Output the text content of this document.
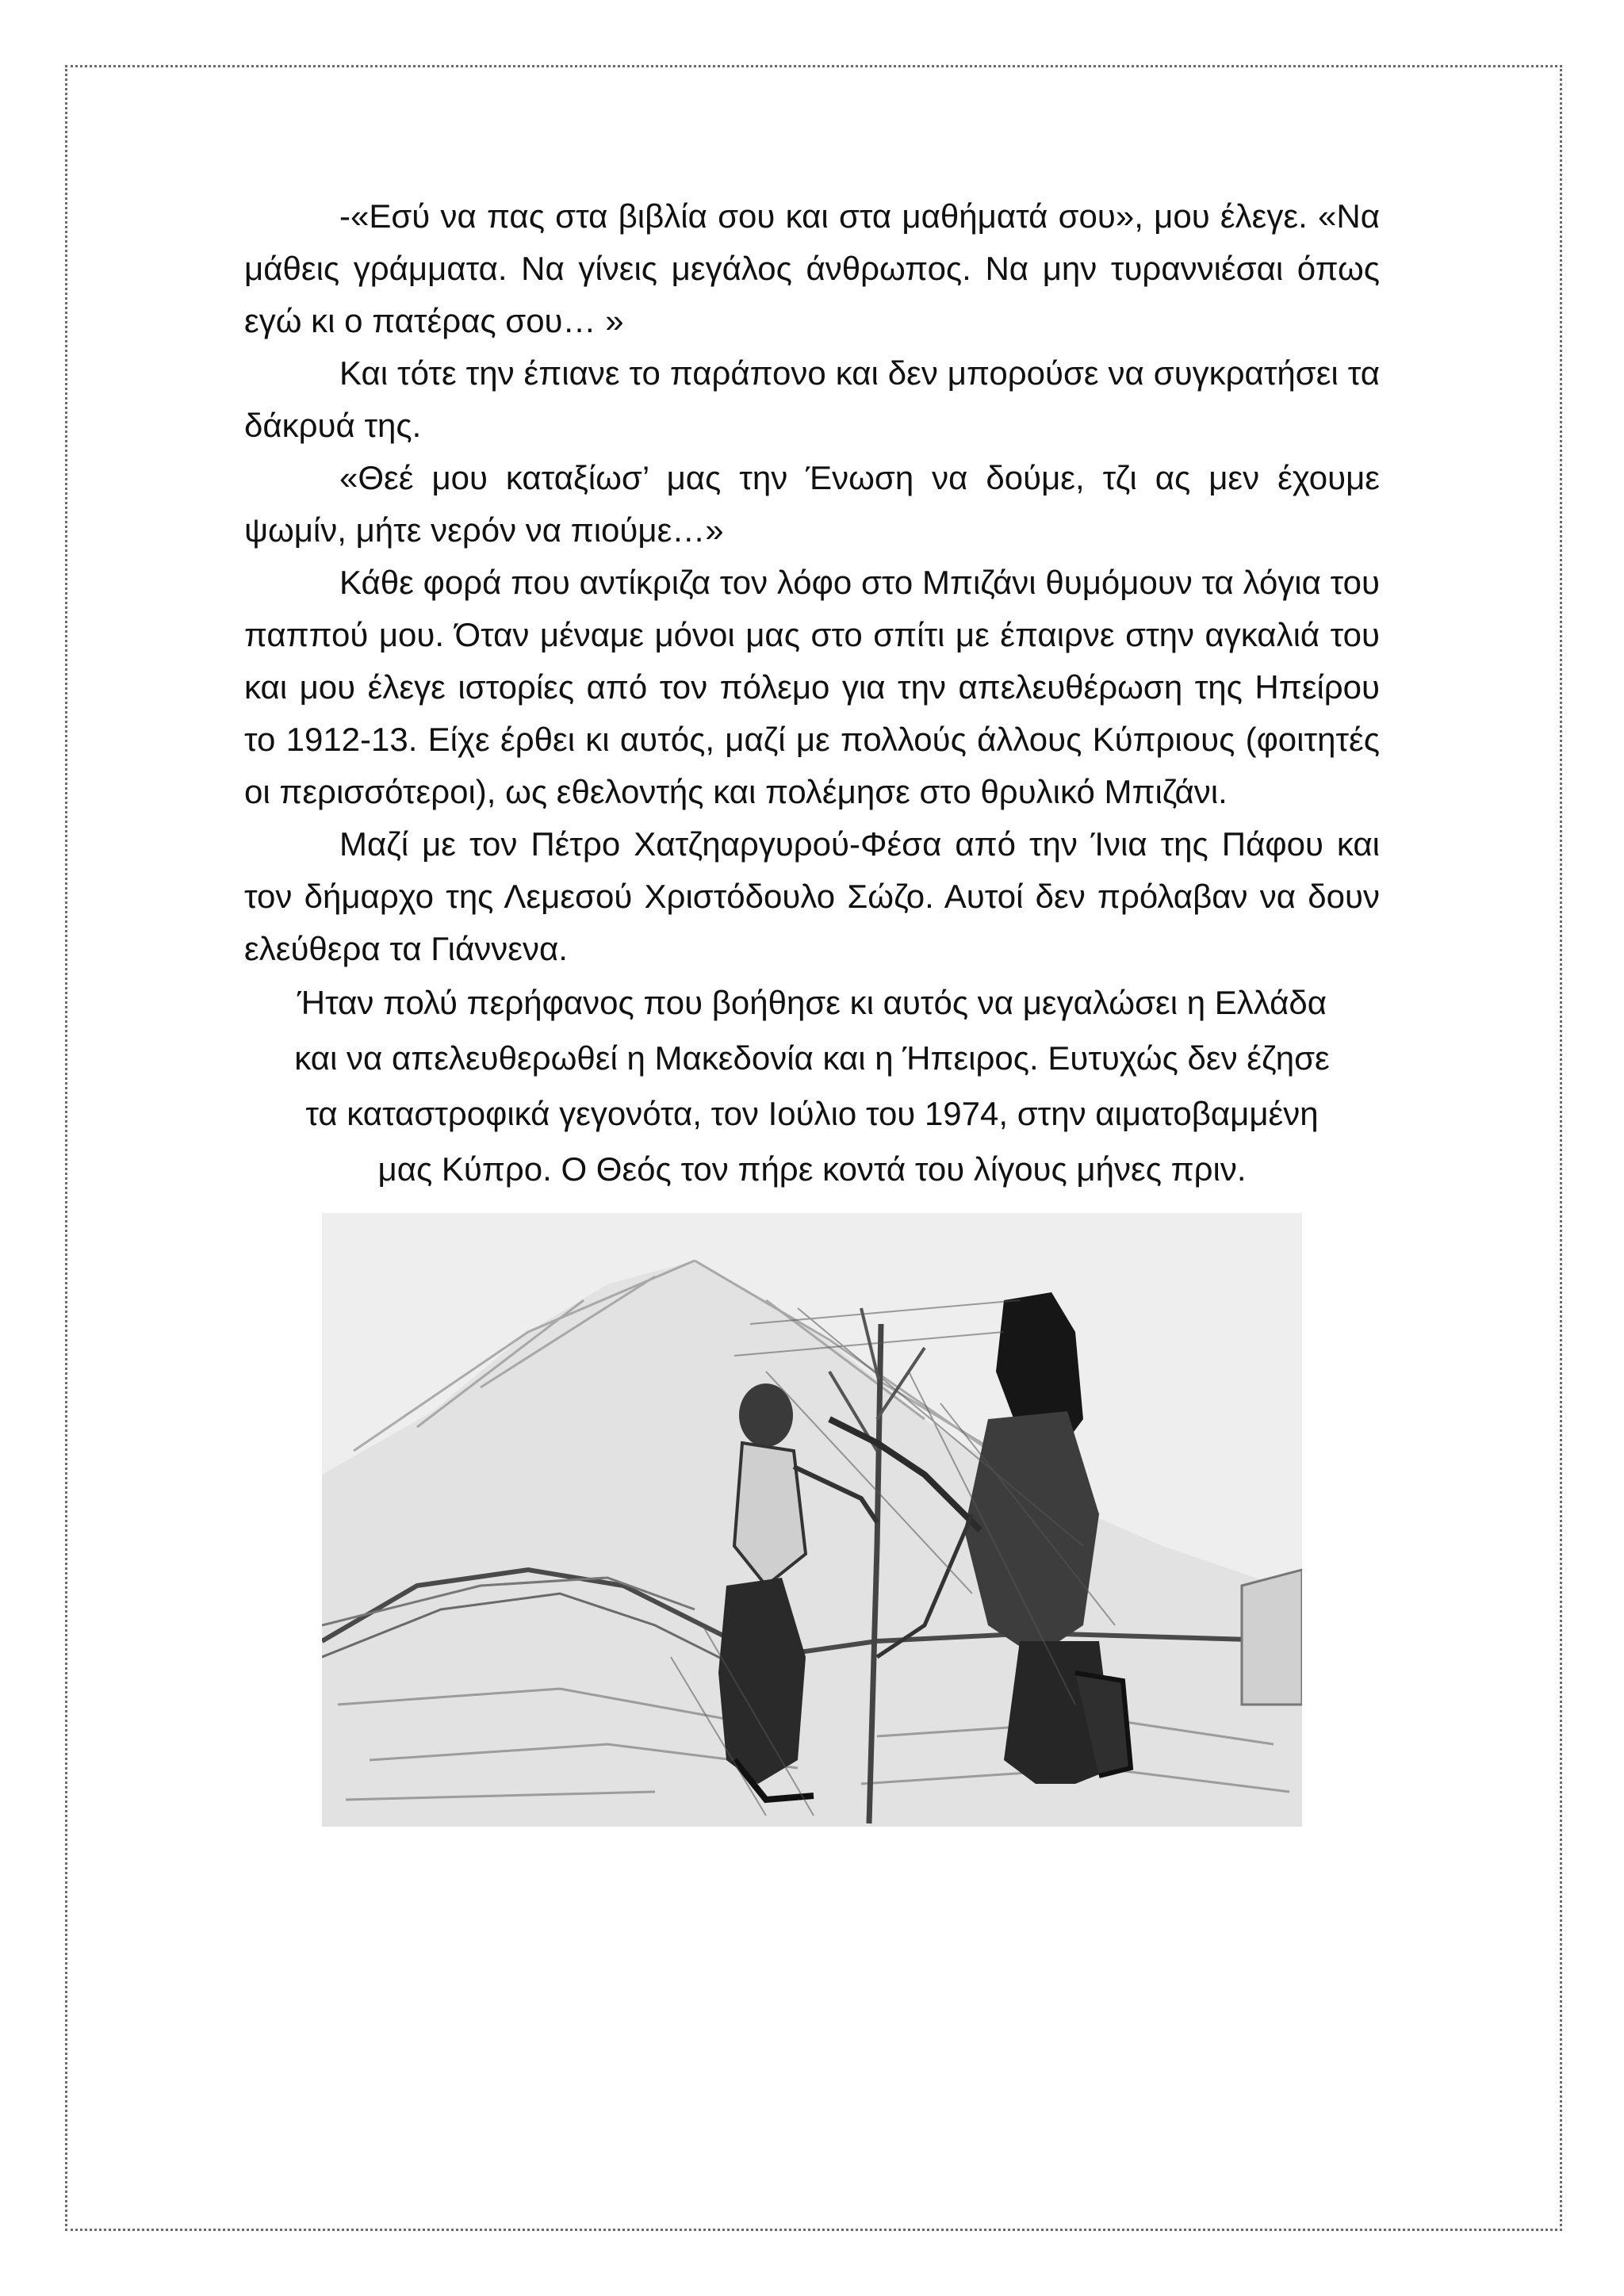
-«Εσύ να πας στα βιβλία σου και στα μαθήματά σου», μου έλεγε. «Να μάθεις γράμματα. Να γίνεις μεγάλος άνθρωπος. Να μην τυραννιέσαι όπως εγώ κι ο πατέρας σου… »

Και τότε την έπιανε το παράπονο και δεν μπορούσε να συγκρατήσει τα δάκρυά της.

«Θεέ μου καταξίωσ’ μας την Ένωση να δούμε, τζι ας μεν έχουμε ψωμίν, μήτε νερόν να πιούμε…»

Κάθε φορά που αντίκριζα τον λόφο στο Μπιζάνι θυμόμουν τα λόγια του παππού μου. Όταν μέναμε μόνοι μας στο σπίτι με έπαιρνε στην αγκαλιά του και μου έλεγε ιστορίες από τον πόλεμο για την απελευθέρωση της Ηπείρου το 1912-13. Είχε έρθει κι αυτός, μαζί με πολλούς άλλους Κύπριους (φοιτητές οι περισσότεροι), ως εθελοντής και πολέμησε στο θρυλικό Μπιζάνι.

Μαζί με τον Πέτρο Χατζηαργυρού-Φέσα από την Ίνια της Πάφου και τον δήμαρχο της Λεμεσού Χριστόδουλο Σώζο. Αυτοί δεν πρόλαβαν να δουν ελεύθερα τα Γιάννενα.

Ήταν πολύ περήφανος που βοήθησε κι αυτός να μεγαλώσει η Ελλάδα

και να απελευθερωθεί η Μακεδονία και η Ήπειρος. Ευτυχώς δεν έζησε

τα καταστροφικά γεγονότα, τον Ιούλιο του 1974, στην αιματοβαμμένη

μας Κύπρο. Ο Θεός τον πήρε κοντά του λίγους μήνες πριν.
